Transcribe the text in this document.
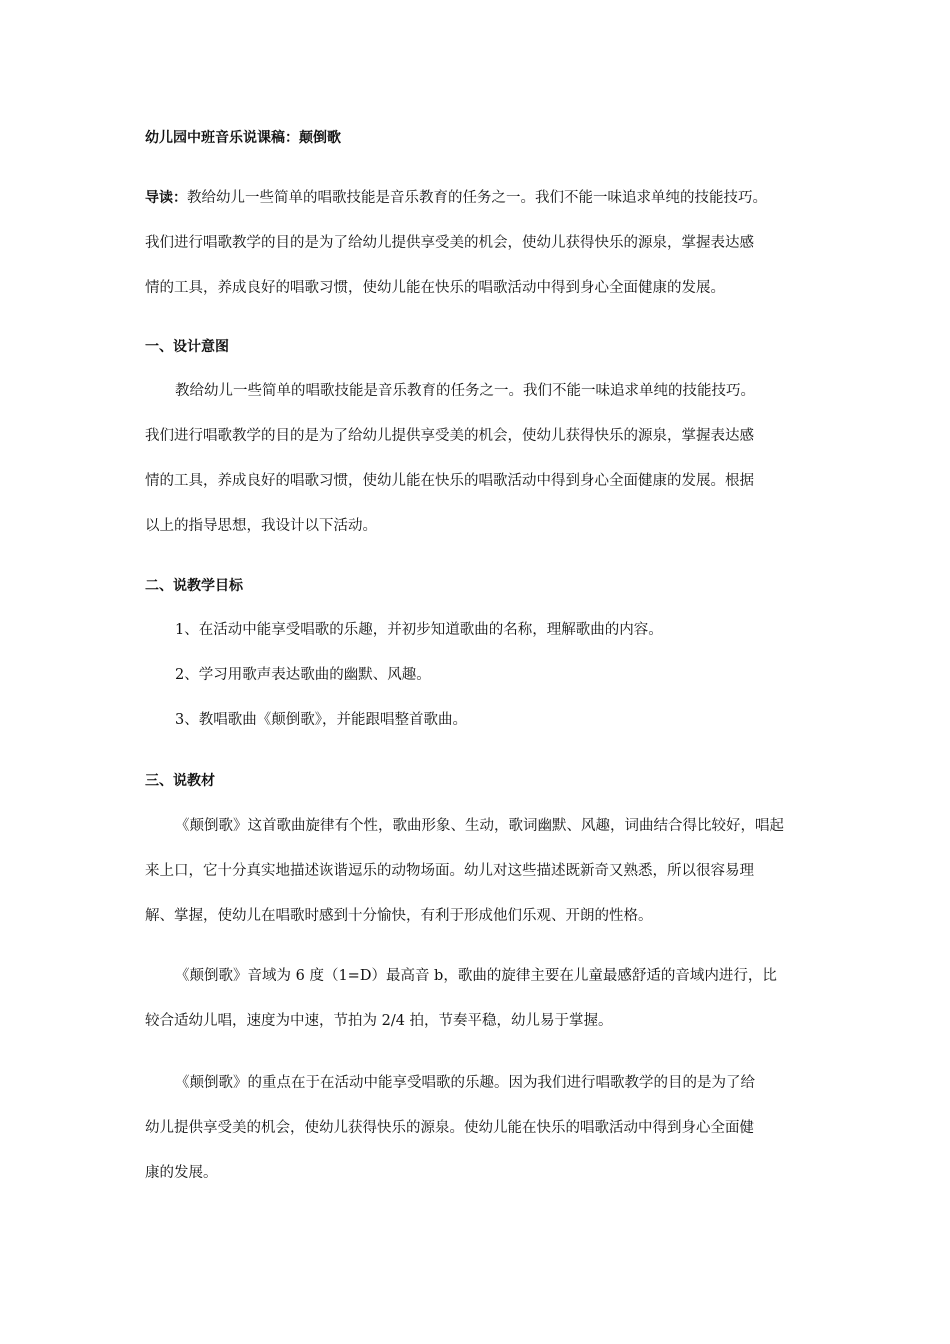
幼儿园中班音乐说课稿：颠倒歌
导读：教给幼儿一些简单的唱歌技能是音乐教育的任务之一。我们不能一味追求单纯的技能技巧。
我们进行唱歌教学的目的是为了给幼儿提供享受美的机会，使幼儿获得快乐的源泉，掌握表达感
情的工具，养成良好的唱歌习惯，使幼儿能在快乐的唱歌活动中得到身心全面健康的发展。
一、设计意图
教给幼儿一些简单的唱歌技能是音乐教育的任务之一。我们不能一味追求单纯的技能技巧。
我们进行唱歌教学的目的是为了给幼儿提供享受美的机会，使幼儿获得快乐的源泉，掌握表达感
情的工具，养成良好的唱歌习惯，使幼儿能在快乐的唱歌活动中得到身心全面健康的发展。根据
以上的指导思想，我设计以下活动。
二、说教学目标
1、在活动中能享受唱歌的乐趣，并初步知道歌曲的名称，理解歌曲的内容。
2、学习用歌声表达歌曲的幽默、风趣。
3、教唱歌曲《颠倒歌》，并能跟唱整首歌曲。
三、说教材
《颠倒歌》这首歌曲旋律有个性，歌曲形象、生动，歌词幽默、风趣，词曲结合得比较好，唱起
来上口，它十分真实地描述诙谐逗乐的动物场面。幼儿对这些描述既新奇又熟悉，所以很容易理
解、掌握，使幼儿在唱歌时感到十分愉快，有利于形成他们乐观、开朗的性格。
《颠倒歌》音域为 6 度（1=D）最高音 b，歌曲的旋律主要在儿童最感舒适的音域内进行，比
较合适幼儿唱，速度为中速，节拍为 2/4 拍，节奏平稳，幼儿易于掌握。
《颠倒歌》的重点在于在活动中能享受唱歌的乐趣。因为我们进行唱歌教学的目的是为了给
幼儿提供享受美的机会，使幼儿获得快乐的源泉。使幼儿能在快乐的唱歌活动中得到身心全面健
康的发展。
